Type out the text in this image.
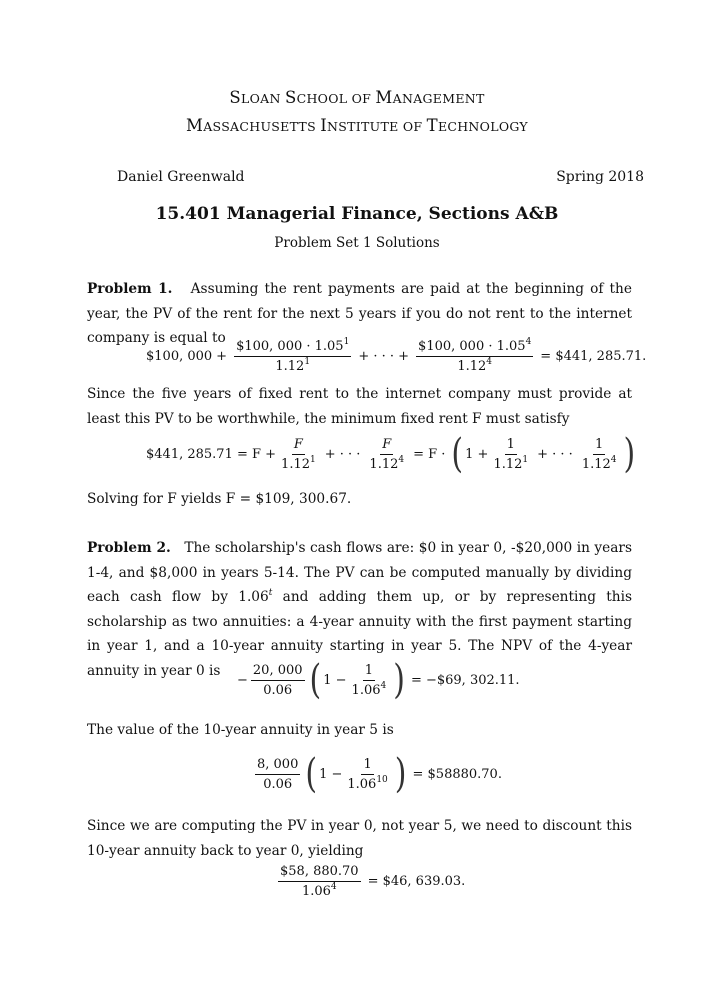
SLOAN SCHOOL OF MANAGEMENT
MASSACHUSETTS INSTITUTE OF TECHNOLOGY
Daniel Greenwald	Spring 2018
15.401 Managerial Finance, Sections A&B
Problem Set 1 Solutions
Problem 1. Assuming the rent payments are paid at the beginning of the year, the PV of the rent for the next 5 years if you do not rent to the internet company is equal to
$100, $000 + \frac{\$100, 000 \cdot 1.05^1}{1.12^1}$ + · · · + $\frac{\$100, 000 \cdot 1.05^4}{1.12^4}$ = $441, 285.71.
Since the five years of fixed rent to the internet company must provide at least this PV to be worthwhile, the minimum fixed rent F must satisfy
$441, $285.71 = F + \frac{F}{1.12^1}$ + · · · $\frac{F}{1.12^4} = F$ · ( $1 + \frac{1}{1.12^1}$ + · · · $\frac{1}{1.12^4}$ )
Solving for F yields F = $109, 300.67.
Problem 2. The scholarship's cash flows are: $0 in year 0, -$20,000 in years 1-4, and $8,000 in years 5-14. The PV can be computed manually by dividing each cash flow by 1.06$^t$ and adding them up, or by representing this scholarship as two annuities: a 4-year annuity with the first payment starting in year 1, and a 10-year annuity starting in year 5. The NPV of the 4-year annuity in year 0 is
− $\frac{20, 000}{0.06}$ ( $1 - \frac{1}{1.06^4}$ ) = −$69, 302.11.
The value of the 10-year annuity in year 5 is
$\frac{8, 000}{0.06}$ ( $1 - \frac{1}{1.06^{10}}$ ) = $58880.70.
Since we are computing the PV in year 0, not year 5, we need to discount this 10-year annuity back to year 0, yielding
$\frac{\$58, 880.70}{1.06^4}$ = $46, 639.03.
